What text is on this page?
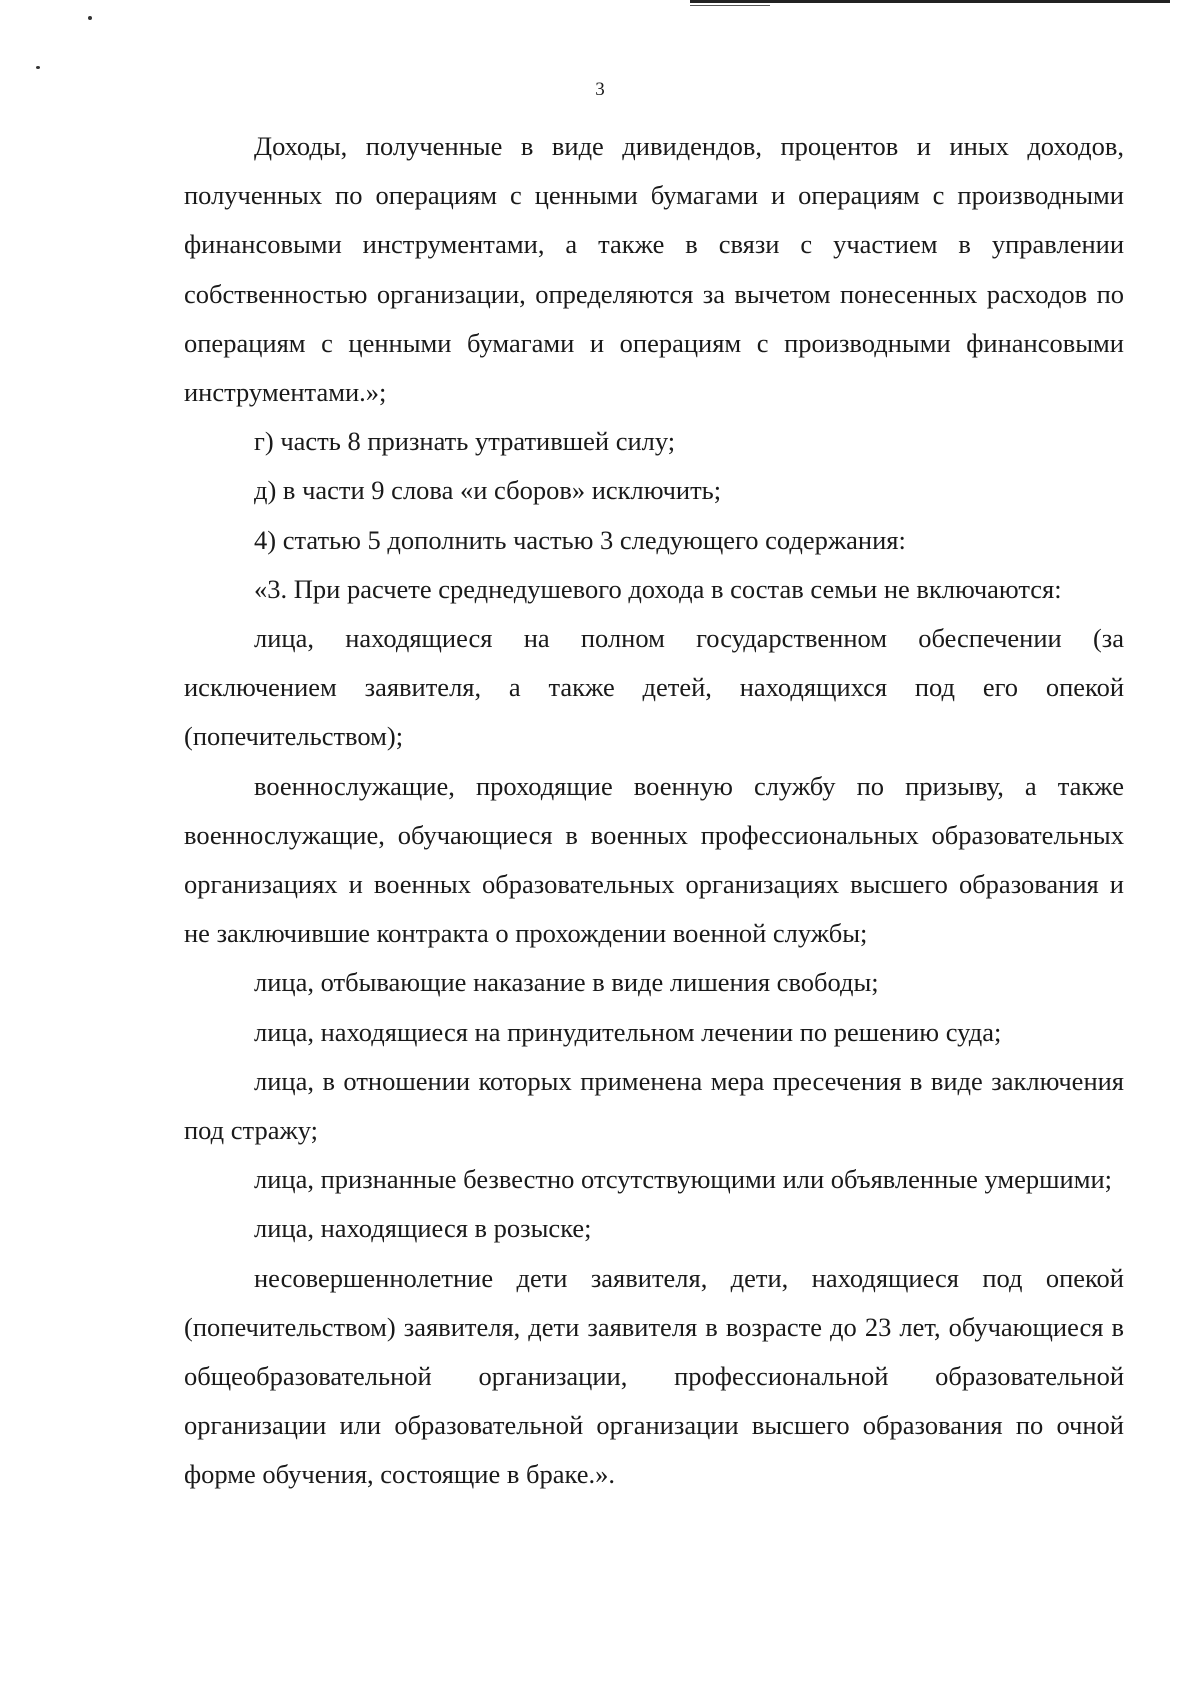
3

Доходы, полученные в виде дивидендов, процентов и иных доходов, полученных по операциям с ценными бумагами и операциям с производными финансовыми инструментами, а также в связи с участием в управлении собственностью организации, определяются за вычетом понесенных расходов по операциям с ценными бумагами и операциям с производными финансовыми инструментами.»;

г) часть 8 признать утратившей силу;

д) в части 9 слова «и сборов» исключить;

4) статью 5 дополнить частью 3 следующего содержания:

«3. При расчете среднедушевого дохода в состав семьи не включаются:

лица, находящиеся на полном государственном обеспечении (за исключением заявителя, а также детей, находящихся под его опекой (попечительством);

военнослужащие, проходящие военную службу по призыву, а также военнослужащие, обучающиеся в военных профессиональных образовательных организациях и военных образовательных организациях высшего образования и не заключившие контракта о прохождении военной службы;

лица, отбывающие наказание в виде лишения свободы;

лица, находящиеся на принудительном лечении по решению суда;

лица, в отношении которых применена мера пресечения в виде заключения под стражу;

лица, признанные безвестно отсутствующими или объявленные умершими;

лица, находящиеся в розыске;

несовершеннолетние дети заявителя, дети, находящиеся под опекой (попечительством) заявителя, дети заявителя в возрасте до 23 лет, обучающиеся в общеобразовательной организации, профессиональной образовательной организации или образовательной организации высшего образования по очной форме обучения, состоящие в браке.».
